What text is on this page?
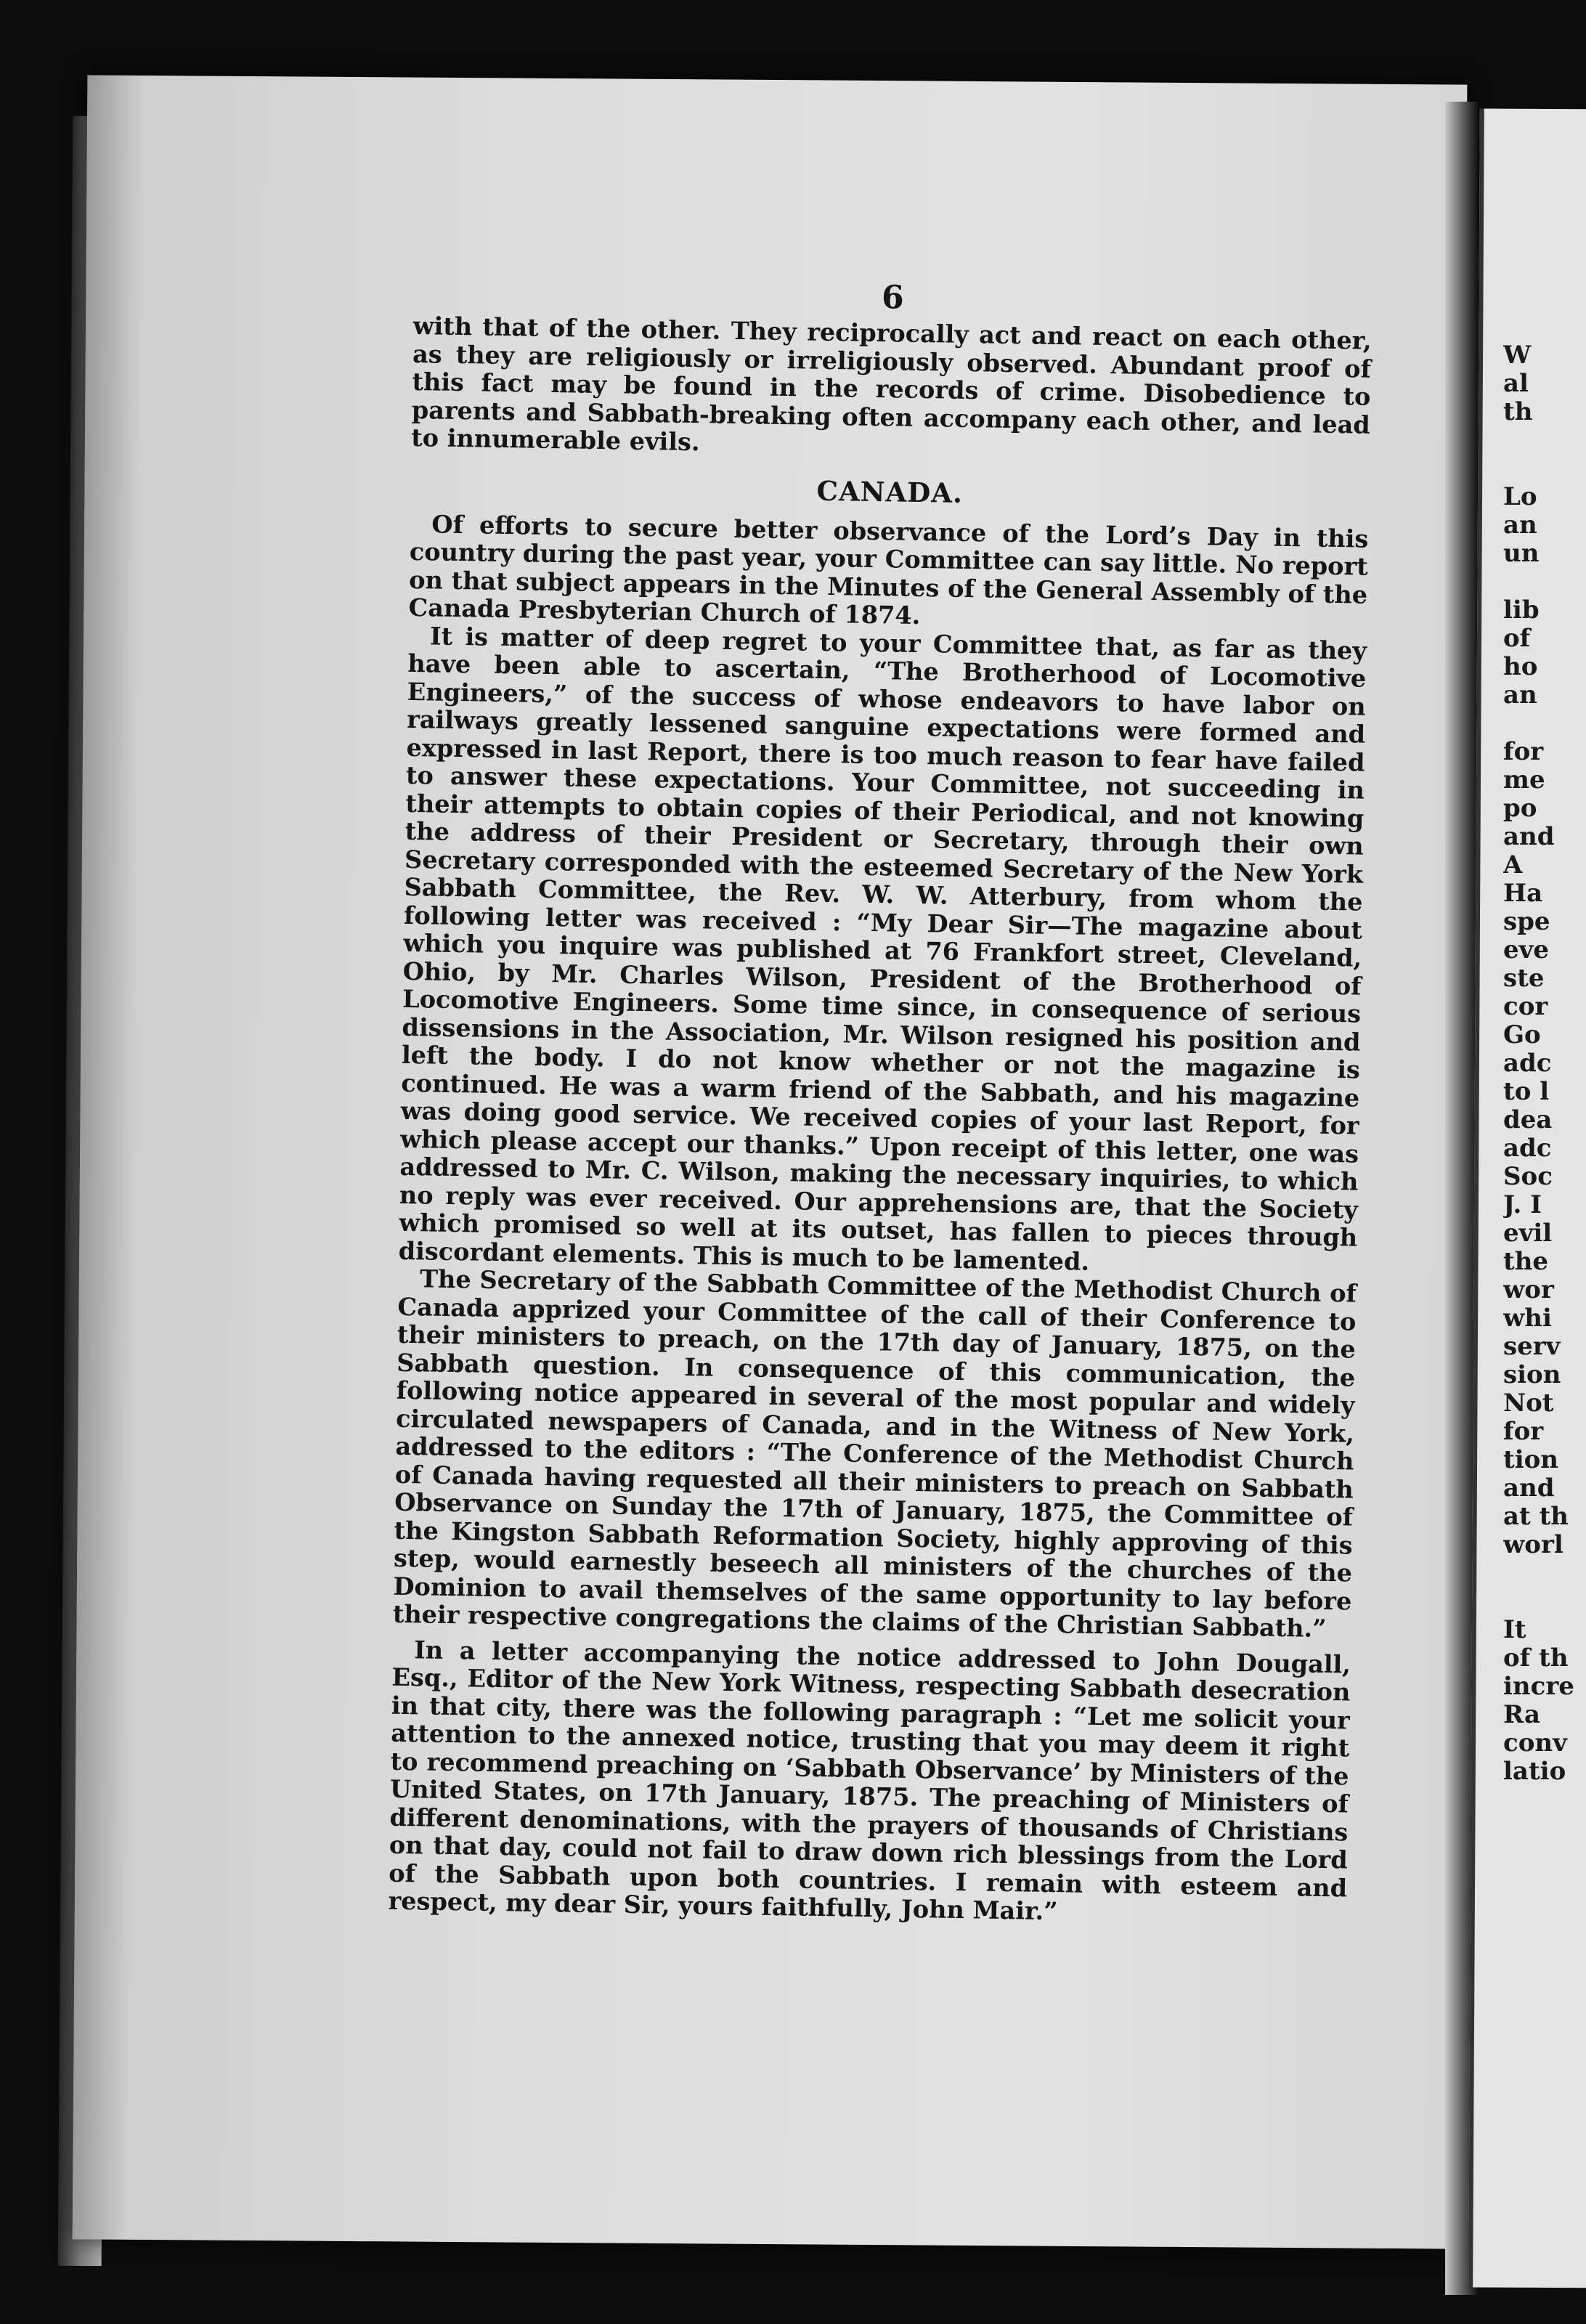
6

with that of the other. They reciprocally act and react on each other, as they are religiously or irreligiously observed. Abundant proof of this fact may be found in the records of crime. Disobedience to parents and Sabbath-breaking often accompany each other, and lead to innumerable evils.

CANADA.

Of efforts to secure better observance of the Lord’s Day in this country during the past year, your Committee can say little. No report on that subject appears in the Minutes of the General Assembly of the Canada Presbyterian Church of 1874.

It is matter of deep regret to your Committee that, as far as they have been able to ascertain, “The Brotherhood of Locomotive Engineers,” of the success of whose endeavors to have labor on railways greatly lessened sanguine expectations were formed and expressed in last Report, there is too much reason to fear have failed to answer these expectations. Your Committee, not succeeding in their attempts to obtain copies of their Periodical, and not knowing the address of their President or Secretary, through their own Secretary corresponded with the esteemed Secretary of the New York Sabbath Committee, the Rev. W. W. Atterbury, from whom the following letter was received : “My Dear Sir—The magazine about which you inquire was published at 76 Frankfort street, Cleveland, Ohio, by Mr. Charles Wilson, President of the Brotherhood of Locomotive Engineers. Some time since, in consequence of serious dissensions in the Association, Mr. Wilson resigned his position and left the body. I do not know whether or not the magazine is continued. He was a warm friend of the Sabbath, and his magazine was doing good service. We received copies of your last Report, for which please accept our thanks.” Upon receipt of this letter, one was addressed to Mr. C. Wilson, making the necessary inquiries, to which no reply was ever received. Our apprehensions are, that the Society which promised so well at its outset, has fallen to pieces through discordant elements. This is much to be lamented.

The Secretary of the Sabbath Committee of the Methodist Church of Canada apprized your Committee of the call of their Conference to their ministers to preach, on the 17th day of January, 1875, on the Sabbath question. In consequence of this communication, the following notice appeared in several of the most popular and widely circulated newspapers of Canada, and in the Witness of New York, addressed to the editors : “The Conference of the Methodist Church of Canada having requested all their ministers to preach on Sabbath Observance on Sunday the 17th of January, 1875, the Committee of the Kingston Sabbath Reformation Society, highly approving of this step, would earnestly beseech all ministers of the churches of the Dominion to avail themselves of the same opportunity to lay before their respective congregations the claims of the Christian Sabbath.”

In a letter accompanying the notice addressed to John Dougall, Esq., Editor of the New York Witness, respecting Sabbath desecration in that city, there was the following paragraph : “Let me solicit your attention to the annexed notice, trusting that you may deem it right to recommend preaching on ‘Sabbath Observance’ by Ministers of the United States, on 17th January, 1875. The preaching of Ministers of different denominations, with the prayers of thousands of Christians on that day, could not fail to draw down rich blessings from the Lord of the Sabbath upon both countries. I remain with esteem and respect, my dear Sir, yours faithfully, John Mair.”

W
al
th

Lo
an
un

lib
of
ho
an

for
me
po
and
A
Ha
spe
eve
ste
cor
Go
adc
to l
dea
adc
Soc
J. I
evil
the
wor
whi
serv
sion
Not
for
tion
and
at th
worl

It
of th
incre
Ra
conv
latio
